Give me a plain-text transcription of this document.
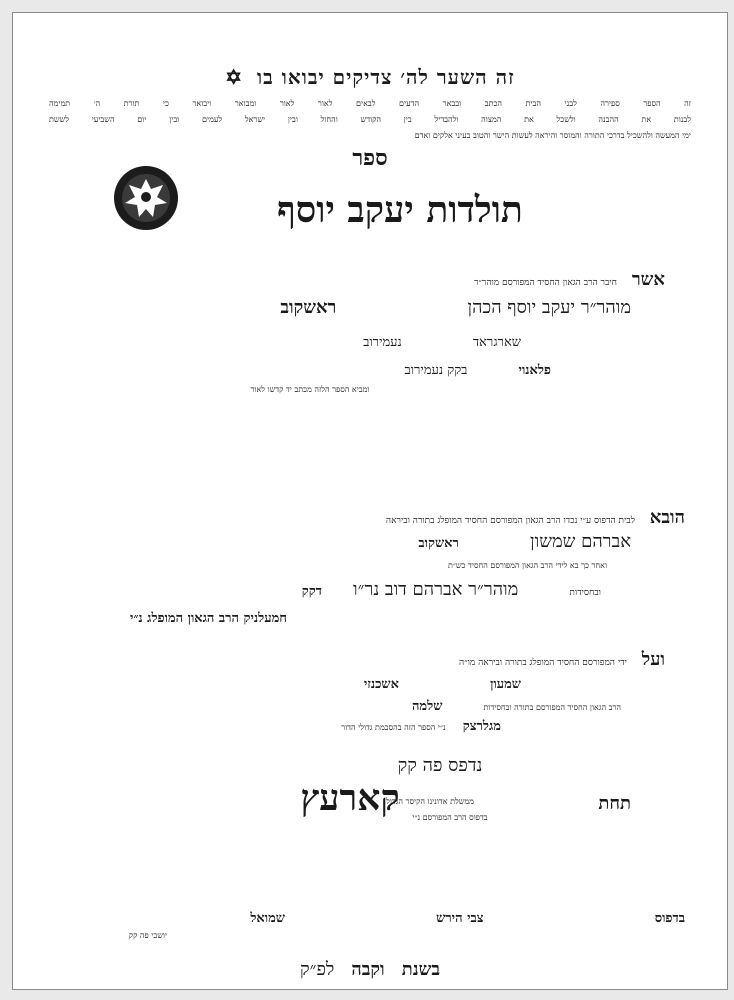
זה השער לה׳ צדיקים יבואו בו ✡
זה הספר ספירה לבני הבית הכתב ובבאר הדעים לבאים לאור לאור ומבואר ויבואר כי תורת ה׳ תמימה
לבנות את ההבנה ולשכל את המצוה ולהבדיל בין הקודש והחול ובין ישראל לעמים ובין יום השביעי לששת
ימי המעשה ולהשכיל בדרכי התורה והמוסר והיראה לעשות הישר והטוב בעיני אלקים ואדם
ספר
תולדות יעקב יוסף
אשר חיבר הרב הגאון החסיד המפורסם מוהר״ר
מוהר״ר יעקב יוסף הכהן ראשקוב
שארגראד נעמירוב
פלאנוי בקק נעמירוב
ומביא הספר הלזה מכתב יד קדשו לאור
הובא לבית הדפוס ע״י נכדו הרב הגאון המפורסם החסיד המופלג בתורה וביראה
אברהם שמשון ראשקוב
ואחר כך בא לידי הרב הגאון המפורסם החסיד כש״ת
ובחסידות מוהר״ר אברהם דוב נר״ו דקק
חמעלניק הרב הגאון המופלג נ״י
ועל ידי המפורסם החסיד המופלג בתורה וביראה מו״ה
שמעון אשכנזי
הרב הגאון החסיד המפורסם בתורה ובחסידות שלמה
מגלרצק נ״י הספר הזה בהסכמת גדולי הדור
נדפס פה קק
קארעץ	תחת
ממשלת אדונינו הקיסר הגדול
בדפוס הרב המפורסם נ״י
בדפוס צבי הירש שמואל
יושבי פה קק
בשנת וקבה לפ״ק
